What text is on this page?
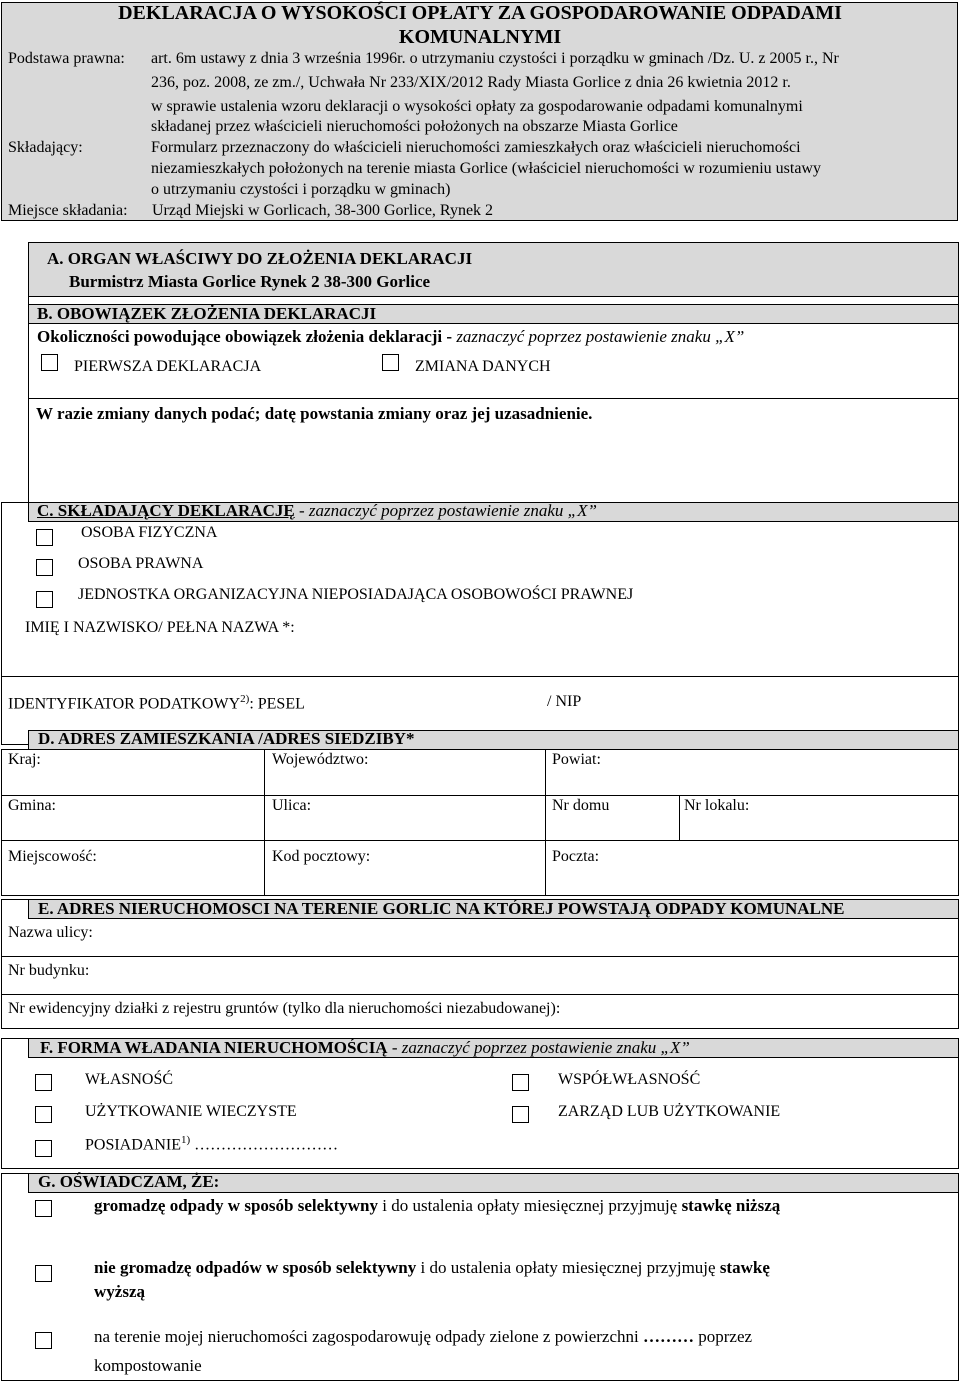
DEKLARACJA O WYSOKOŚCI OPŁATY ZA GOSPODAROWANIE ODPADAMI
KOMUNALNYMI
Podstawa prawna: art. 6m ustawy z dnia 3 września 1996r. o utrzymaniu czystości i porządku w gminach /Dz. U. z 2005 r., Nr
236, poz. 2008, ze zm./, Uchwała Nr 233/XIX/2012 Rady Miasta Gorlice z dnia 26 kwietnia 2012 r.
w sprawie ustalenia wzoru deklaracji o wysokości opłaty za gospodarowanie odpadami komunalnymi
składanej przez właścicieli nieruchomości położonych na obszarze Miasta Gorlice
Składający:	Formularz przeznaczony do właścicieli nieruchomości zamieszkałych oraz właścicieli nieruchomości
niezamieszkałych położonych na terenie miasta Gorlice (właściciel nieruchomości w rozumieniu ustawy
o utrzymaniu czystości i porządku w gminach)
Miejsce składania: Urząd Miejski w Gorlicach, 38-300 Gorlice, Rynek 2
A. ORGAN WŁAŚCIWY DO ZŁOŻENIA DEKLARACJI
Burmistrz Miasta Gorlice Rynek 2 38-300 Gorlice
B. OBOWIĄZEK ZŁOŻENIA DEKLARACJI
Okoliczności powodujące obowiązek złożenia deklaracji - zaznaczyć poprzez postawienie znaku „X”
PIERWSZA DEKLARACJA	ZMIANA DANYCH
W razie zmiany danych podać; datę powstania zmiany oraz jej uzasadnienie.
C. SKŁADAJĄCY DEKLARACJĘ - zaznaczyć poprzez postawienie znaku „X”
OSOBA FIZYCZNA
OSOBA PRAWNA
JEDNOSTKA ORGANIZACYJNA NIEPOSIADAJĄCA OSOBOWOŚCI PRAWNEJ
IMIĘ I NAZWISKO/ PEŁNA NAZWA *:
IDENTYFIKATOR PODATKOWY$^{2)}$: PESEL	/ NIP
D. ADRES ZAMIESZKANIA /ADRES SIEDZIBY*
Kraj:	Województwo:	Powiat:
Gmina:	Ulica:	Nr domu	Nr lokalu:
Miejscowość:	Kod pocztowy:	Poczta:
E. ADRES NIERUCHOMOSCI NA TERENIE GORLIC NA KTÓREJ POWSTAJĄ ODPADY KOMUNALNE
Nazwa ulicy:
Nr budynku:
Nr ewidencyjny działki z rejestru gruntów (tylko dla nieruchomości niezabudowanej):
F. FORMA WŁADANIA NIERUCHOMOŚCIĄ - zaznaczyć poprzez postawienie znaku „X”
WŁASNOŚĆ	WSPÓŁWŁASNOŚĆ
UŻYTKOWANIE WIECZYSTE	ZARZĄD LUB UŻYTKOWANIE
POSIADANIE$^{1)}$ ………………………
G. OŚWIADCZAM, ŻE:
gromadzę odpady w sposób selektywny i do ustalenia opłaty miesięcznej przyjmuję stawkę niższą
nie gromadzę odpadów w sposób selektywny i do ustalenia opłaty miesięcznej przyjmuję stawkę
wyższą
na terenie mojej nieruchomości zagospodarowuję odpady zielone z powierzchni ……… poprzez
kompostowanie
